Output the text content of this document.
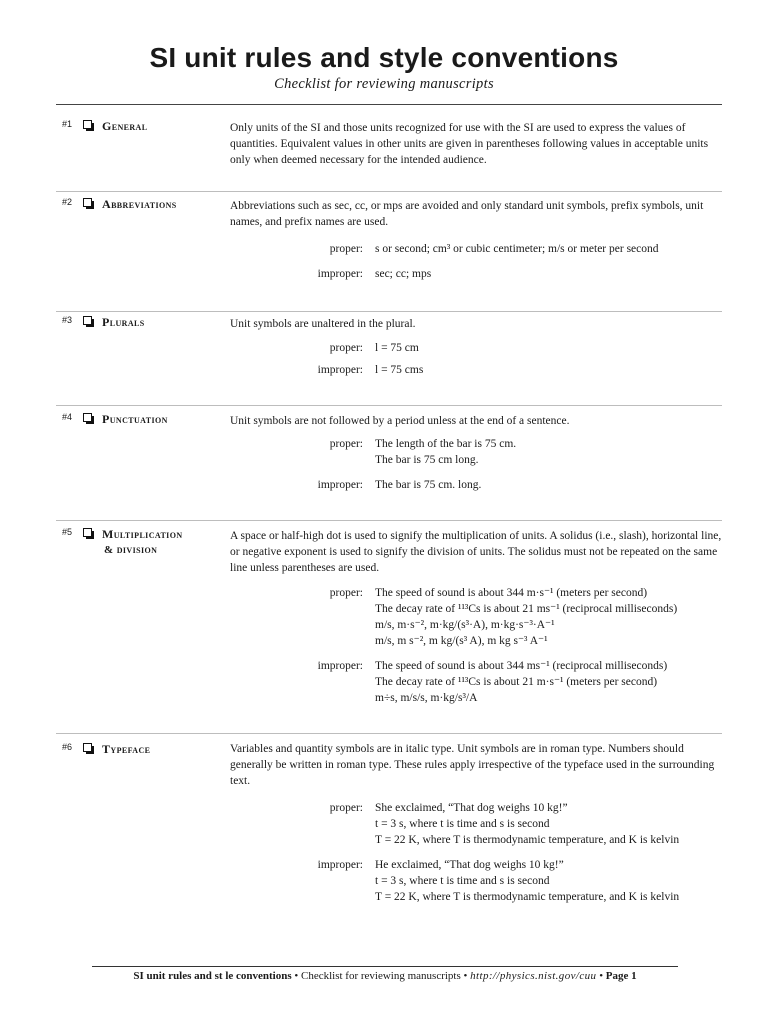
SI unit rules and style conventions
Checklist for reviewing manuscripts
#1 General	Only units of the SI and those units recognized for use with the SI are used to express the values of quantities. Equivalent values in other units are given in parentheses following values in acceptable units only when deemed necessary for the intended audience.
#2 Abbreviations	Abbreviations such as sec, cc, or mps are avoided and only standard unit symbols, prefix symbols, unit names, and prefix names are used.
proper: s or second; cm³ or cubic centimeter; m/s or meter per second
improper: sec; cc; mps
#3 Plurals	Unit symbols are unaltered in the plural.
proper: l = 75 cm
improper: l = 75 cms
#4 Punctuation	Unit symbols are not followed by a period unless at the end of a sentence.
proper: The length of the bar is 75 cm.
The bar is 75 cm long.
improper: The bar is 75 cm. long.
#5 Multiplication
& division
A space or half-high dot is used to signify the multiplication of units. A solidus (i.e., slash), horizontal line, or negative exponent is used to signify the division of units. The solidus must not be repeated on the same line unless parentheses are used.
proper: The speed of sound is about 344 m·s⁻¹ (meters per second)
The decay rate of ¹¹³Cs is about 21 ms⁻¹ (reciprocal milliseconds)
m/s, m·s⁻², m·kg/(s³·A), m·kg·s⁻³·A⁻¹
m/s, m s⁻², m kg/(s³ A), m kg s⁻³ A⁻¹
improper: The speed of sound is about 344 ms⁻¹ (reciprocal milliseconds)
The decay rate of ¹¹³Cs is about 21 m·s⁻¹ (meters per second)
m÷s, m/s/s, m·kg/s³/A
#6 Typeface	Variables and quantity symbols are in italic type. Unit symbols are in roman type. Numbers should generally be written in roman type. These rules apply irrespective of the typeface used in the surrounding text.
proper: She exclaimed, “That dog weighs 10 kg!”
t = 3 s, where t is time and s is second
T = 22 K, where T is thermodynamic temperature, and K is kelvin
improper: He exclaimed, “That dog weighs 10 kg!”
t = 3 s, where t is time and s is second
T = 22 K, where T is thermodynamic temperature, and K is kelvin
SI unit rules and st le conventions • Checklist for reviewing manuscripts • http://physics.nist.gov/cuu • Page 1
